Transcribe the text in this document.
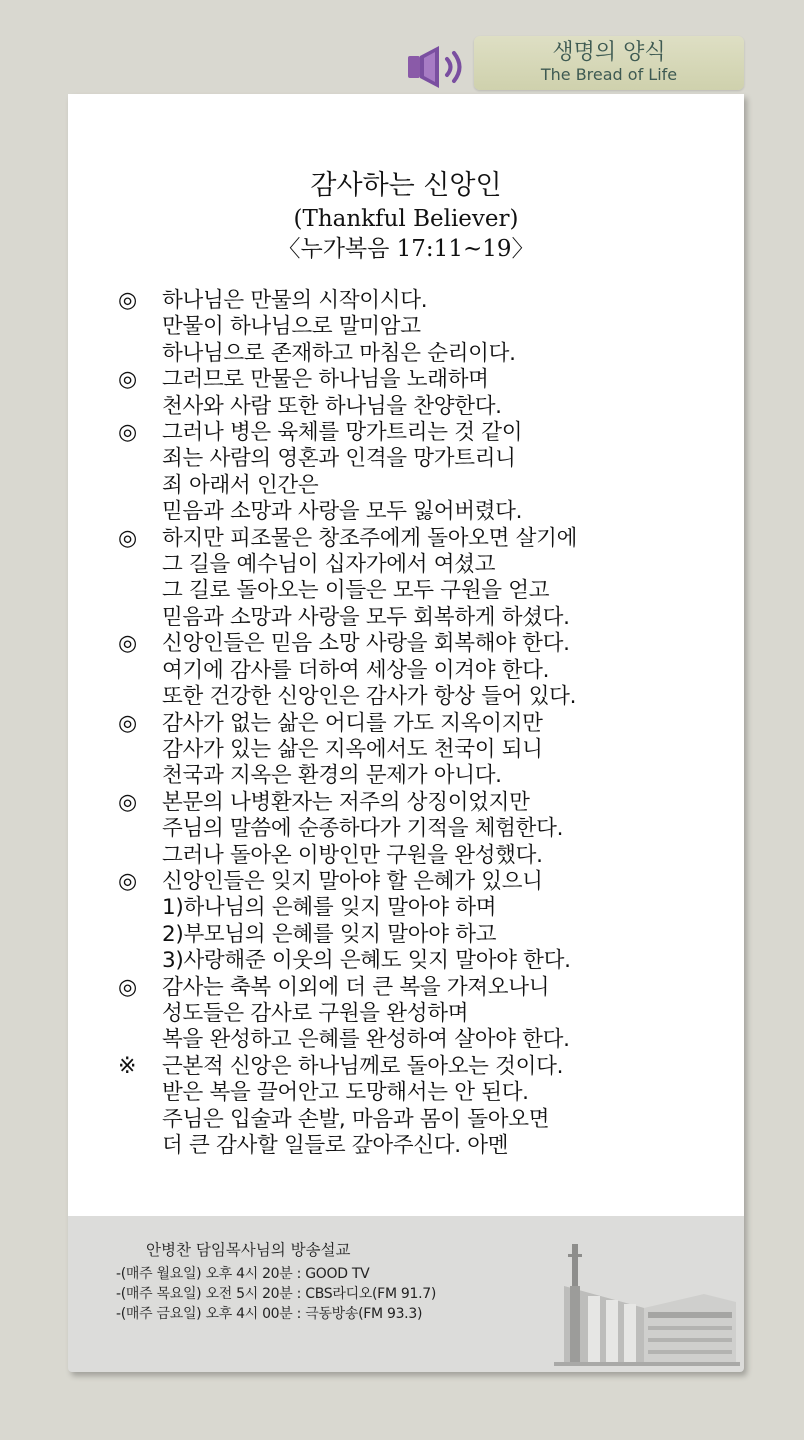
생명의 양식
The Bread of Life
감사하는 신앙인
(Thankful Believer)
〈누가복음 17:11~19〉
◎	하나님은 만물의 시작이시다.
만물이 하나님으로 말미암고
하나님으로 존재하고 마침은 순리이다.
◎	그러므로 만물은 하나님을 노래하며
천사와 사람 또한 하나님을 찬양한다.
◎	그러나 병은 육체를 망가트리는 것 같이
죄는 사람의 영혼과 인격을 망가트리니
죄 아래서 인간은
믿음과 소망과 사랑을 모두 잃어버렸다.
◎	하지만 피조물은 창조주에게 돌아오면 살기에
그 길을 예수님이 십자가에서 여셨고
그 길로 돌아오는 이들은 모두 구원을 얻고
믿음과 소망과 사랑을 모두 회복하게 하셨다.
◎	신앙인들은 믿음 소망 사랑을 회복해야 한다.
여기에 감사를 더하여 세상을 이겨야 한다.
또한 건강한 신앙인은 감사가 항상 들어 있다.
◎	감사가 없는 삶은 어디를 가도 지옥이지만
감사가 있는 삶은 지옥에서도 천국이 되니
천국과 지옥은 환경의 문제가 아니다.
◎	본문의 나병환자는 저주의 상징이었지만
주님의 말씀에 순종하다가 기적을 체험한다.
그러나 돌아온 이방인만 구원을 완성했다.
◎	신앙인들은 잊지 말아야 할 은혜가 있으니
1)하나님의 은혜를 잊지 말아야 하며
2)부모님의 은혜를 잊지 말아야 하고
3)사랑해준 이웃의 은혜도 잊지 말아야 한다.
◎	감사는 축복 이외에 더 큰 복을 가져오나니
성도들은 감사로 구원을 완성하며
복을 완성하고 은혜를 완성하여 살아야 한다.
※	근본적 신앙은 하나님께로 돌아오는 것이다.
받은 복을 끌어안고 도망해서는 안 된다.
주님은 입술과 손발, 마음과 몸이 돌아오면
더 큰 감사할 일들로 갚아주신다. 아멘
안병찬 담임목사님의 방송설교
-(매주 월요일) 오후 4시 20분 : GOOD TV
-(매주 목요일) 오전 5시 20분 : CBS라디오(FM 91.7)
-(매주 금요일) 오후 4시 00분 : 극동방송(FM 93.3)
